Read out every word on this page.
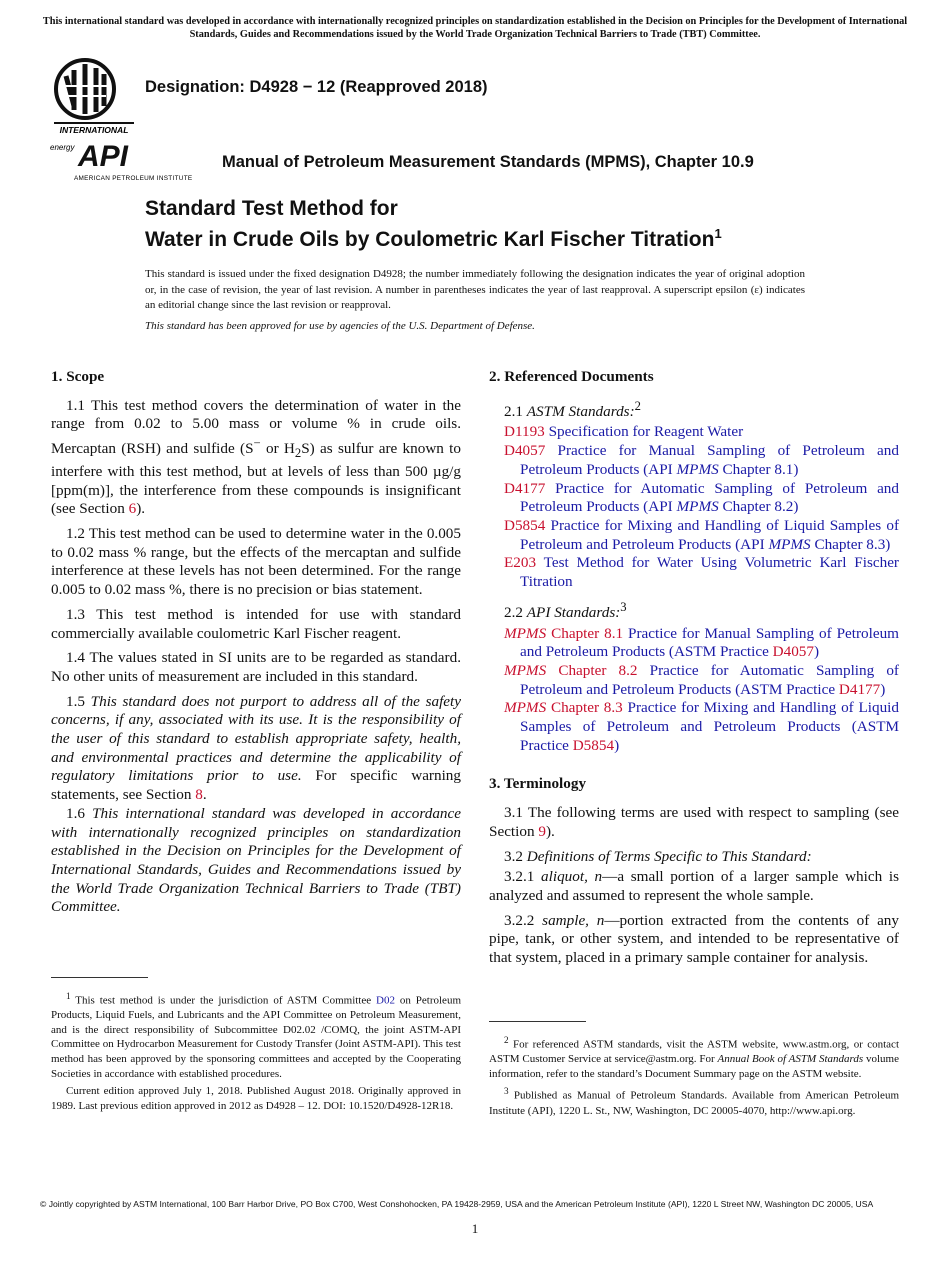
This international standard was developed in accordance with internationally recognized principles on standardization established in the Decision on Principles for the Development of International Standards, Guides and Recommendations issued by the World Trade Organization Technical Barriers to Trade (TBT) Committee.
INTERNATIONAL
energy API
AMERICAN PETROLEUM INSTITUTE
Designation: D4928 − 12 (Reapproved 2018)
Manual of Petroleum Measurement Standards (MPMS), Chapter 10.9
Standard Test Method for
Water in Crude Oils by Coulometric Karl Fischer Titration$^1$
This standard is issued under the fixed designation D4928; the number immediately following the designation indicates the year of original adoption or, in the case of revision, the year of last revision. A number in parentheses indicates the year of last reapproval. A superscript epsilon (ε) indicates an editorial change since the last revision or reapproval.
This standard has been approved for use by agencies of the U.S. Department of Defense.
1. Scope

1.1 This test method covers the determination of water in the range from 0.02 to 5.00 mass or volume % in crude oils. Mercaptan (RSH) and sulfide (S− or $H_2S$) as sulfur are known to interfere with this test method, but at levels of less than 500 µg/g [ppm(m)], the interference from these compounds is insignificant (see Section 6).

1.2 This test method can be used to determine water in the 0.005 to 0.02 mass % range, but the effects of the mercaptan and sulfide interference at these levels has not been determined. For the range 0.005 to 0.02 mass %, there is no precision or bias statement.

1.3 This test method is intended for use with standard commercially available coulometric Karl Fischer reagent.

1.4 The values stated in SI units are to be regarded as standard. No other units of measurement are included in this standard.

1.5 This standard does not purport to address all of the safety concerns, if any, associated with its use. It is the responsibility of the user of this standard to establish appropriate safety, health, and environmental practices and determine the applicability of regulatory limitations prior to use. For specific warning statements, see Section 8.

1.6 This international standard was developed in accordance with internationally recognized principles on standardization established in the Decision on Principles for the Development of International Standards, Guides and Recommendations issued by the World Trade Organization Technical Barriers to Trade (TBT) Committee.

2. Referenced Documents

2.1 ASTM Standards:$^2$

D1193 Specification for Reagent Water

D4057 Practice for Manual Sampling of Petroleum and Petroleum Products (API MPMS Chapter 8.1)

D4177 Practice for Automatic Sampling of Petroleum and Petroleum Products (API MPMS Chapter 8.2)

D5854 Practice for Mixing and Handling of Liquid Samples of Petroleum and Petroleum Products (API MPMS Chapter 8.3)

E203 Test Method for Water Using Volumetric Karl Fischer Titration

2.2 API Standards:$^3$

MPMS Chapter 8.1 Practice for Manual Sampling of Petroleum and Petroleum Products (ASTM Practice D4057)

MPMS Chapter 8.2 Practice for Automatic Sampling of Petroleum and Petroleum Products (ASTM Practice D4177)

MPMS Chapter 8.3 Practice for Mixing and Handling of Liquid Samples of Petroleum and Petroleum Products (ASTM Practice D5854)

3. Terminology

3.1 The following terms are used with respect to sampling (see Section 9).

3.2 Definitions of Terms Specific to This Standard:

3.2.1 aliquot, n—a small portion of a larger sample which is analyzed and assumed to represent the whole sample.

3.2.2 sample, n—portion extracted from the contents of any pipe, tank, or other system, and intended to be representative of that system, placed in a primary sample container for analysis.

$^1$ This test method is under the jurisdiction of ASTM Committee D02 on Petroleum Products, Liquid Fuels, and Lubricants and the API Committee on Petroleum Measurement, and is the direct responsibility of Subcommittee D02.02 /COMQ, the joint ASTM-API Committee on Hydrocarbon Measurement for Custody Transfer (Joint ASTM-API). This test method has been approved by the sponsoring committees and accepted by the Cooperating Societies in accordance with established procedures.

Current edition approved July 1, 2018. Published August 2018. Originally approved in 1989. Last previous edition approved in 2012 as D4928 – 12. DOI: 10.1520/D4928-12R18.

$^2$ For referenced ASTM standards, visit the ASTM website, www.astm.org, or contact ASTM Customer Service at service@astm.org. For Annual Book of ASTM Standards volume information, refer to the standard’s Document Summary page on the ASTM website.

$^3$ Published as Manual of Petroleum Standards. Available from American Petroleum Institute (API), 1220 L. St., NW, Washington, DC 20005-4070, http://www.api.org.

© Jointly copyrighted by ASTM International, 100 Barr Harbor Drive, PO Box C700, West Conshohocken, PA 19428-2959, USA and the American Petroleum Institute (API), 1220 L Street NW, Washington DC 20005, USA
1
